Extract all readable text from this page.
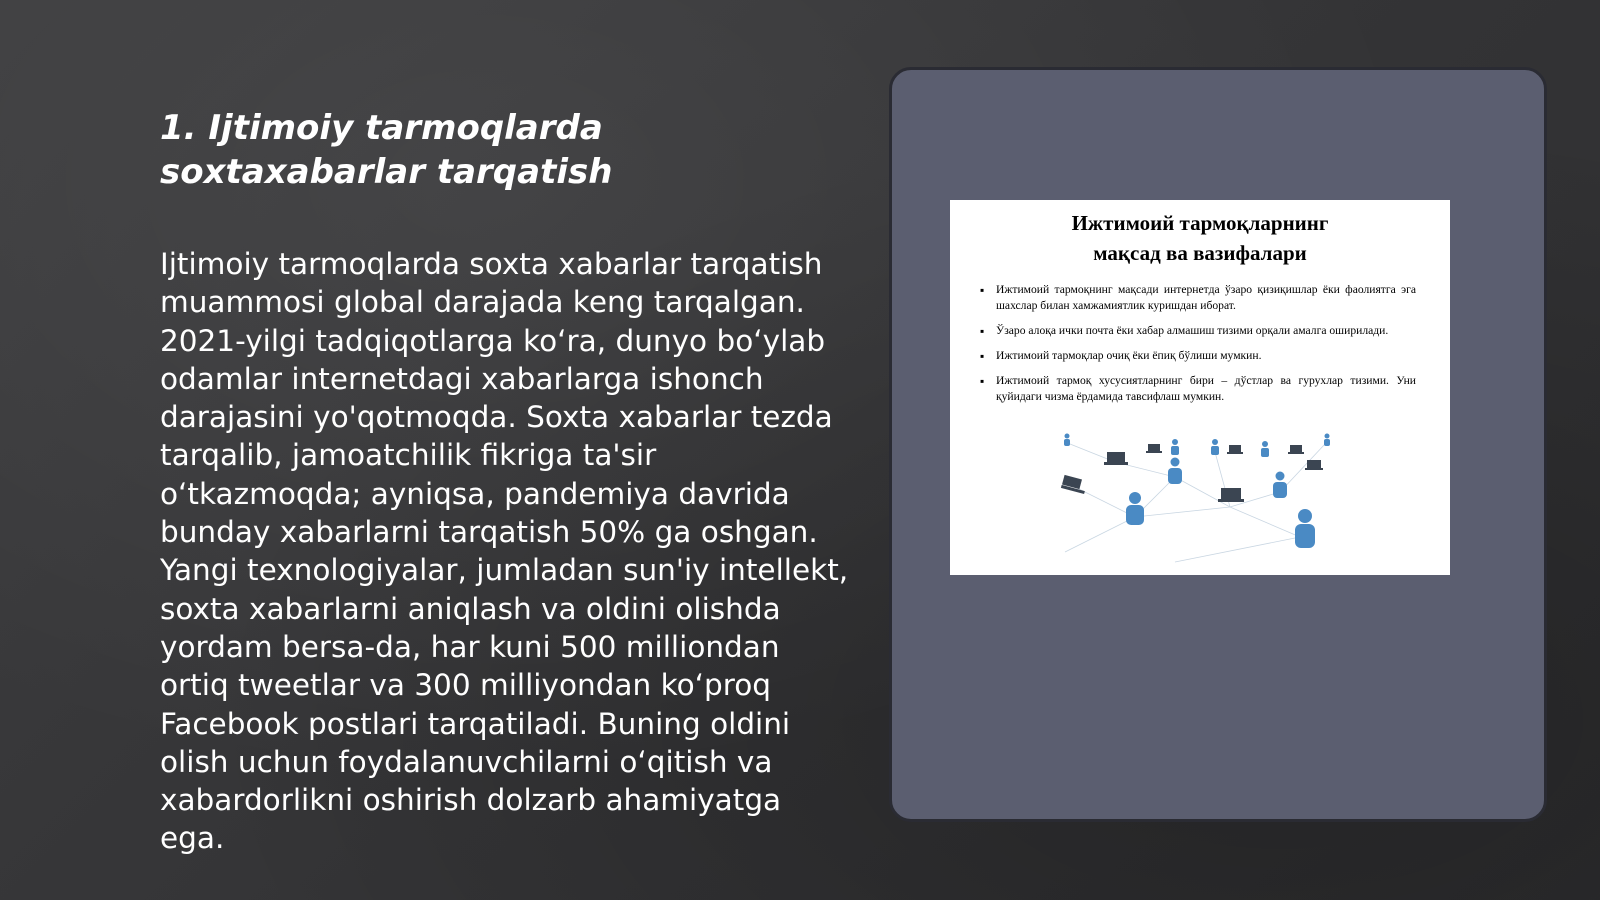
1. Ijtimoiy tarmoqlarda soxtaxabarlar tarqatish

Ijtimoiy tarmoqlarda soxta xabarlar tarqatish muammosi global darajada keng tarqalgan. 2021-yilgi tadqiqotlarga koʻra, dunyo boʻylab odamlar internetdagi xabarlarga ishonch darajasini yo'qotmoqda. Soxta xabarlar tezda tarqalib, jamoatchilik fikriga ta'sir oʻtkazmoqda; ayniqsa, pandemiya davrida bunday xabarlarni tarqatish 50% ga oshgan. Yangi texnologiyalar, jumladan sun'iy intellekt, soxta xabarlarni aniqlash va oldini olishda yordam bersa-da, har kuni 500 milliondan ortiq tweetlar va 300 milliyondan koʻproq Facebook postlari tarqatiladi. Buning oldini olish uchun foydalanuvchilarni oʻqitish va xabardorlikni oshirish dolzarb ahamiyatga ega.

Ижтимоий тармоқларнинг
мақсад ва вазифалари
▪ Ижтимоий тармоқнинг мақсади интернетда ўзаро қизиқишлар ёки фаолиятга эга шахслар билан хамжамиятлик куришдан иборат.
▪ Ўзаро алоқа ички почта ёки хабар алмашиш тизими орқали амалга оширилади.
▪ Ижтимоий тармоқлар очиқ ёки ёпиқ бўлиши мумкин.
▪ Ижтимоий тармоқ хусусиятларнинг бири – дўстлар ва гурухлар тизими. Уни қуйидаги чизма ёрдамида тавсифлаш мумкин.
